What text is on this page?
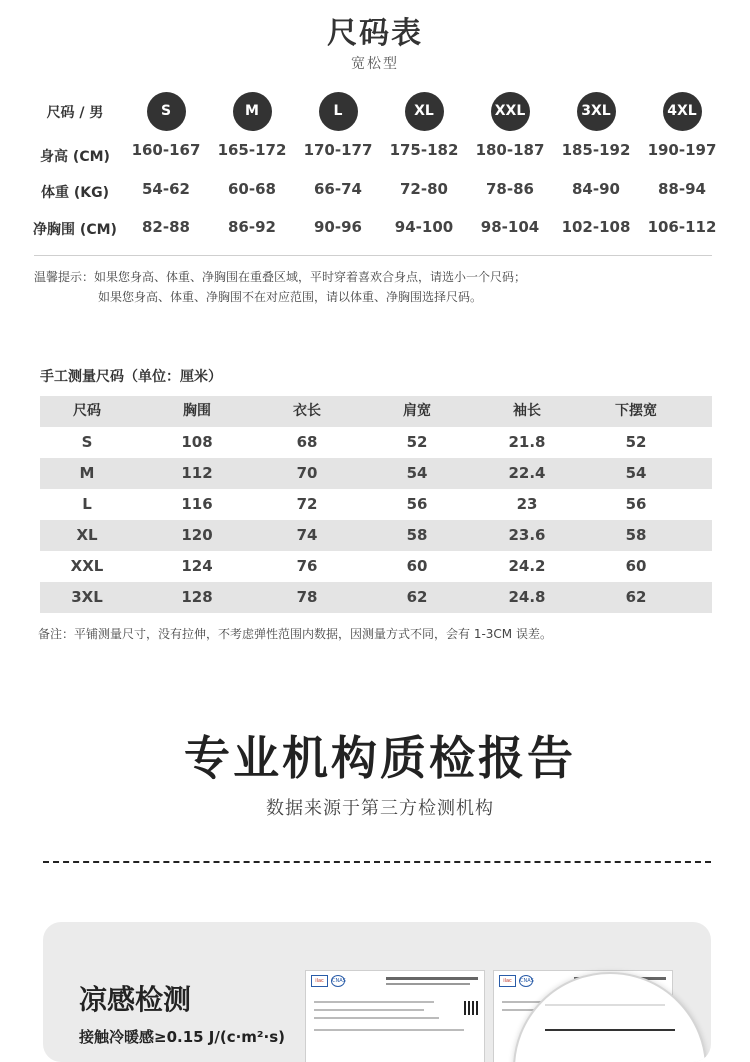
尺码表
宽松型
尺码 / 男	S	M	L	XL	XXL	3XL	4XL
身高 (CM)	160-167	165-172	170-177	175-182	180-187	185-192	190-197
体重 (KG)	54-62	60-68	66-74	72-80	78-86	84-90	88-94
净胸围 (CM)	82-88	86-92	90-96	94-100	98-104	102-108	106-112
温馨提示：如果您身高、体重、净胸围在重叠区域，平时穿着喜欢合身点，请选小一个尺码；
如果您身高、体重、净胸围不在对应范围，请以体重、净胸围选择尺码。
手工测量尺码（单位：厘米）
尺码	胸围	衣长	肩宽	袖长	下摆宽
S	108	68	52	21.8	52
M	112	70	54	22.4	54
L	116	72	56	23	56
XL	120	74	58	23.6	58
XXL	124	76	60	24.2	60
3XL	128	78	62	24.8	62
备注：平铺测量尺寸，没有拉伸，不考虑弹性范围内数据，因测量方式不同，会有 1-3CM 误差。
专业机构质检报告
数据来源于第三方检测机构
凉感检测
接触冷暖感≥0.15 J/(c·m²·s)
ilac	CNAS	ilac	CNAS
